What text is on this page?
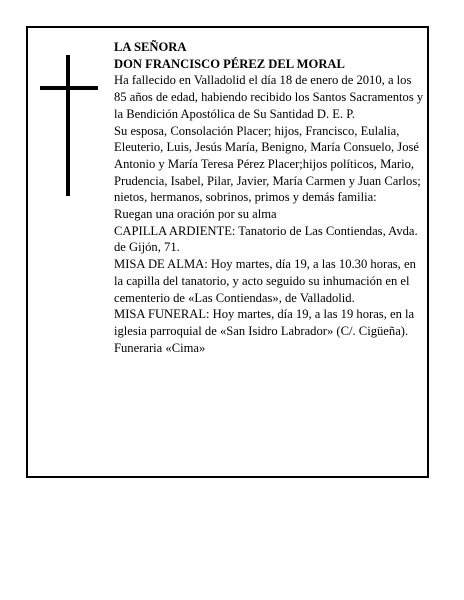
LA SEÑORA

DON FRANCISCO PÉREZ DEL MORAL

Ha fallecido en Valladolid el día 18 de enero de 2010, a los 85 años de edad, habiendo recibido los Santos Sacramentos y la Bendición Apostólica de Su Santidad D. E. P.

Su esposa, Consolación Placer; hijos, Francisco, Eulalia, Eleuterio, Luis, Jesús María, Benigno, María Consuelo, José Antonio y María Teresa Pérez Placer;hijos políticos, Mario, Prudencia, Isabel, Pilar, Javier, María Carmen y Juan Carlos; nietos, hermanos, sobrinos, primos y demás familia:

Ruegan una oración por su alma

CAPILLA ARDIENTE: Tanatorio de Las Contiendas, Avda. de Gijón, 71.

MISA DE ALMA: Hoy martes, día 19, a las 10.30 horas, en la capilla del tanatorio, y acto seguido su inhumación en el cementerio de «Las Contiendas», de Valladolid.

MISA FUNERAL: Hoy martes, día 19, a las 19 horas, en la iglesia parroquial de «San Isidro Labrador» (C/. Cigüeña).

Funeraria «Cima»
